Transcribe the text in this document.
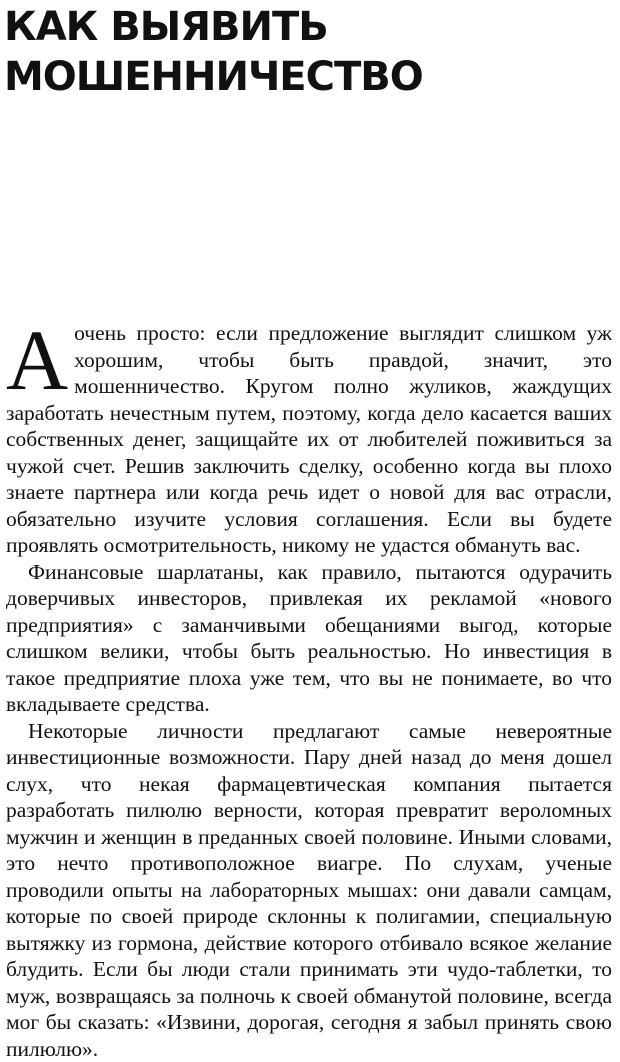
КАК ВЫЯВИТЬ
МОШЕННИЧЕСТВО

Аочень просто: если предложение выглядит слишком уж хорошим, чтобы быть правдой, значит, это мошенничество. Кругом полно жуликов, жаждущих заработать нечестным путем, поэтому, когда дело касается ваших собственных денег, защищайте их от любителей поживиться за чужой счет. Решив заключить сделку, особенно когда вы плохо знаете партнера или когда речь идет о новой для вас отрасли, обязательно изучите условия соглашения. Если вы будете проявлять осмотрительность, никому не удастся обмануть вас.

Финансовые шарлатаны, как правило, пытаются одурачить доверчивых инвесторов, привлекая их рекламой «нового предприятия» с заманчивыми обещаниями выгод, которые слишком велики, чтобы быть реальностью. Но инвестиция в такое предприятие плоха уже тем, что вы не понимаете, во что вкладываете средства.

Некоторые личности предлагают самые невероятные инвестиционные возможности. Пару дней назад до меня дошел слух, что некая фармацевтическая компания пытается разработать пилюлю верности, которая превратит вероломных мужчин и женщин в преданных своей половине. Иными словами, это нечто противоположное виагре. По слухам, ученые проводили опыты на лабораторных мышах: они давали самцам, которые по своей природе склонны к полигамии, специальную вытяжку из гормона, действие которого отбивало всякое желание блудить. Если бы люди стали принимать эти чудо-таблетки, то муж, возвращаясь за полночь к своей обманутой половине, всегда мог бы сказать: «Извини, дорогая, сегодня я забыл принять свою пилюлю».
